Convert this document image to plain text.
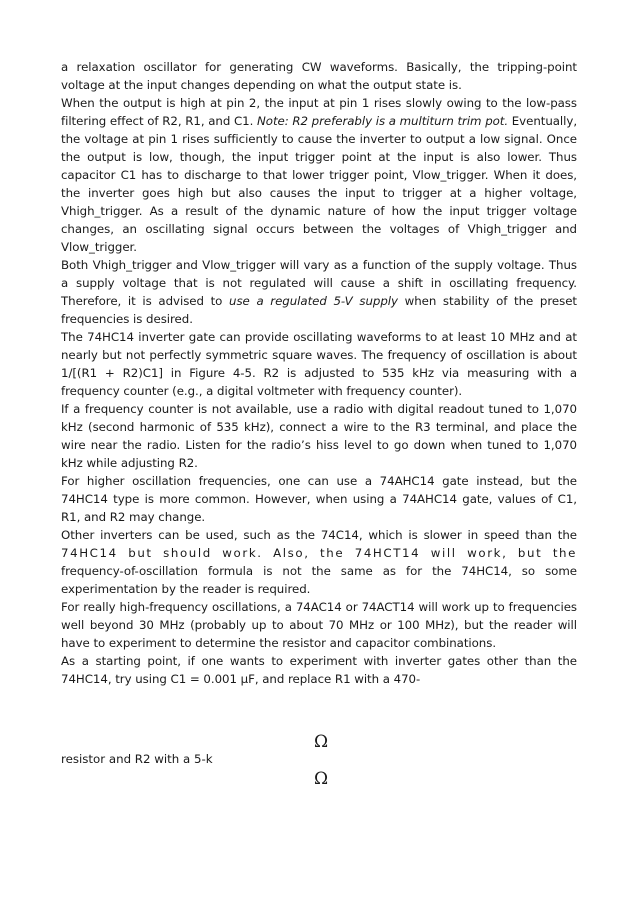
a relaxation oscillator for generating CW waveforms. Basically, the tripping-point voltage at the input changes depending on what the output state is.

When the output is high at pin 2, the input at pin 1 rises slowly owing to the low-pass filtering effect of R2, R1, and C1. Note: R2 preferably is a multiturn trim pot. Eventually, the voltage at pin 1 rises sufficiently to cause the inverter to output a low signal. Once the output is low, though, the input trigger point at the input is also lower. Thus capacitor C1 has to discharge to that lower trigger point, Vlow_trigger. When it does, the inverter goes high but also causes the input to trigger at a higher voltage, Vhigh_trigger. As a result of the dynamic nature of how the input trigger voltage changes, an oscillating signal occurs between the voltages of Vhigh_trigger and Vlow_trigger.

Both Vhigh_trigger and Vlow_trigger will vary as a function of the supply voltage. Thus a supply voltage that is not regulated will cause a shift in oscillating frequency. Therefore, it is advised to use a regulated 5-V supply when stability of the preset frequencies is desired.

The 74HC14 inverter gate can provide oscillating waveforms to at least 10 MHz and at nearly but not perfectly symmetric square waves. The frequency of oscillation is about 1/[(R1 + R2)C1] in Figure 4-5. R2 is adjusted to 535 kHz via measuring with a frequency counter (e.g., a digital voltmeter with frequency counter).

If a frequency counter is not available, use a radio with digital readout tuned to 1,070 kHz (second harmonic of 535 kHz), connect a wire to the R3 terminal, and place the wire near the radio. Listen for the radio’s hiss level to go down when tuned to 1,070 kHz while adjusting R2.

For higher oscillation frequencies, one can use a 74AHC14 gate instead, but the 74HC14 type is more common. However, when using a 74AHC14 gate, values of C1, R1, and R2 may change.

Other inverters can be used, such as the 74C14, which is slower in speed than the 74HC14 but should work. Also, the 74HCT14 will work, but the frequency-of-oscillation formula is not the same as for the 74HC14, so some experimentation by the reader is required.

For really high-frequency oscillations, a 74AC14 or 74ACT14 will work up to frequencies well beyond 30 MHz (probably up to about 70 MHz or 100 MHz), but the reader will have to experiment to determine the resistor and capacitor combinations.

As a starting point, if one wants to experiment with inverter gates other than the 74HC14, try using C1 = 0.001 µF, and replace R1 with a 470-

Ω
resistor and R2 with a 5-k
Ω
